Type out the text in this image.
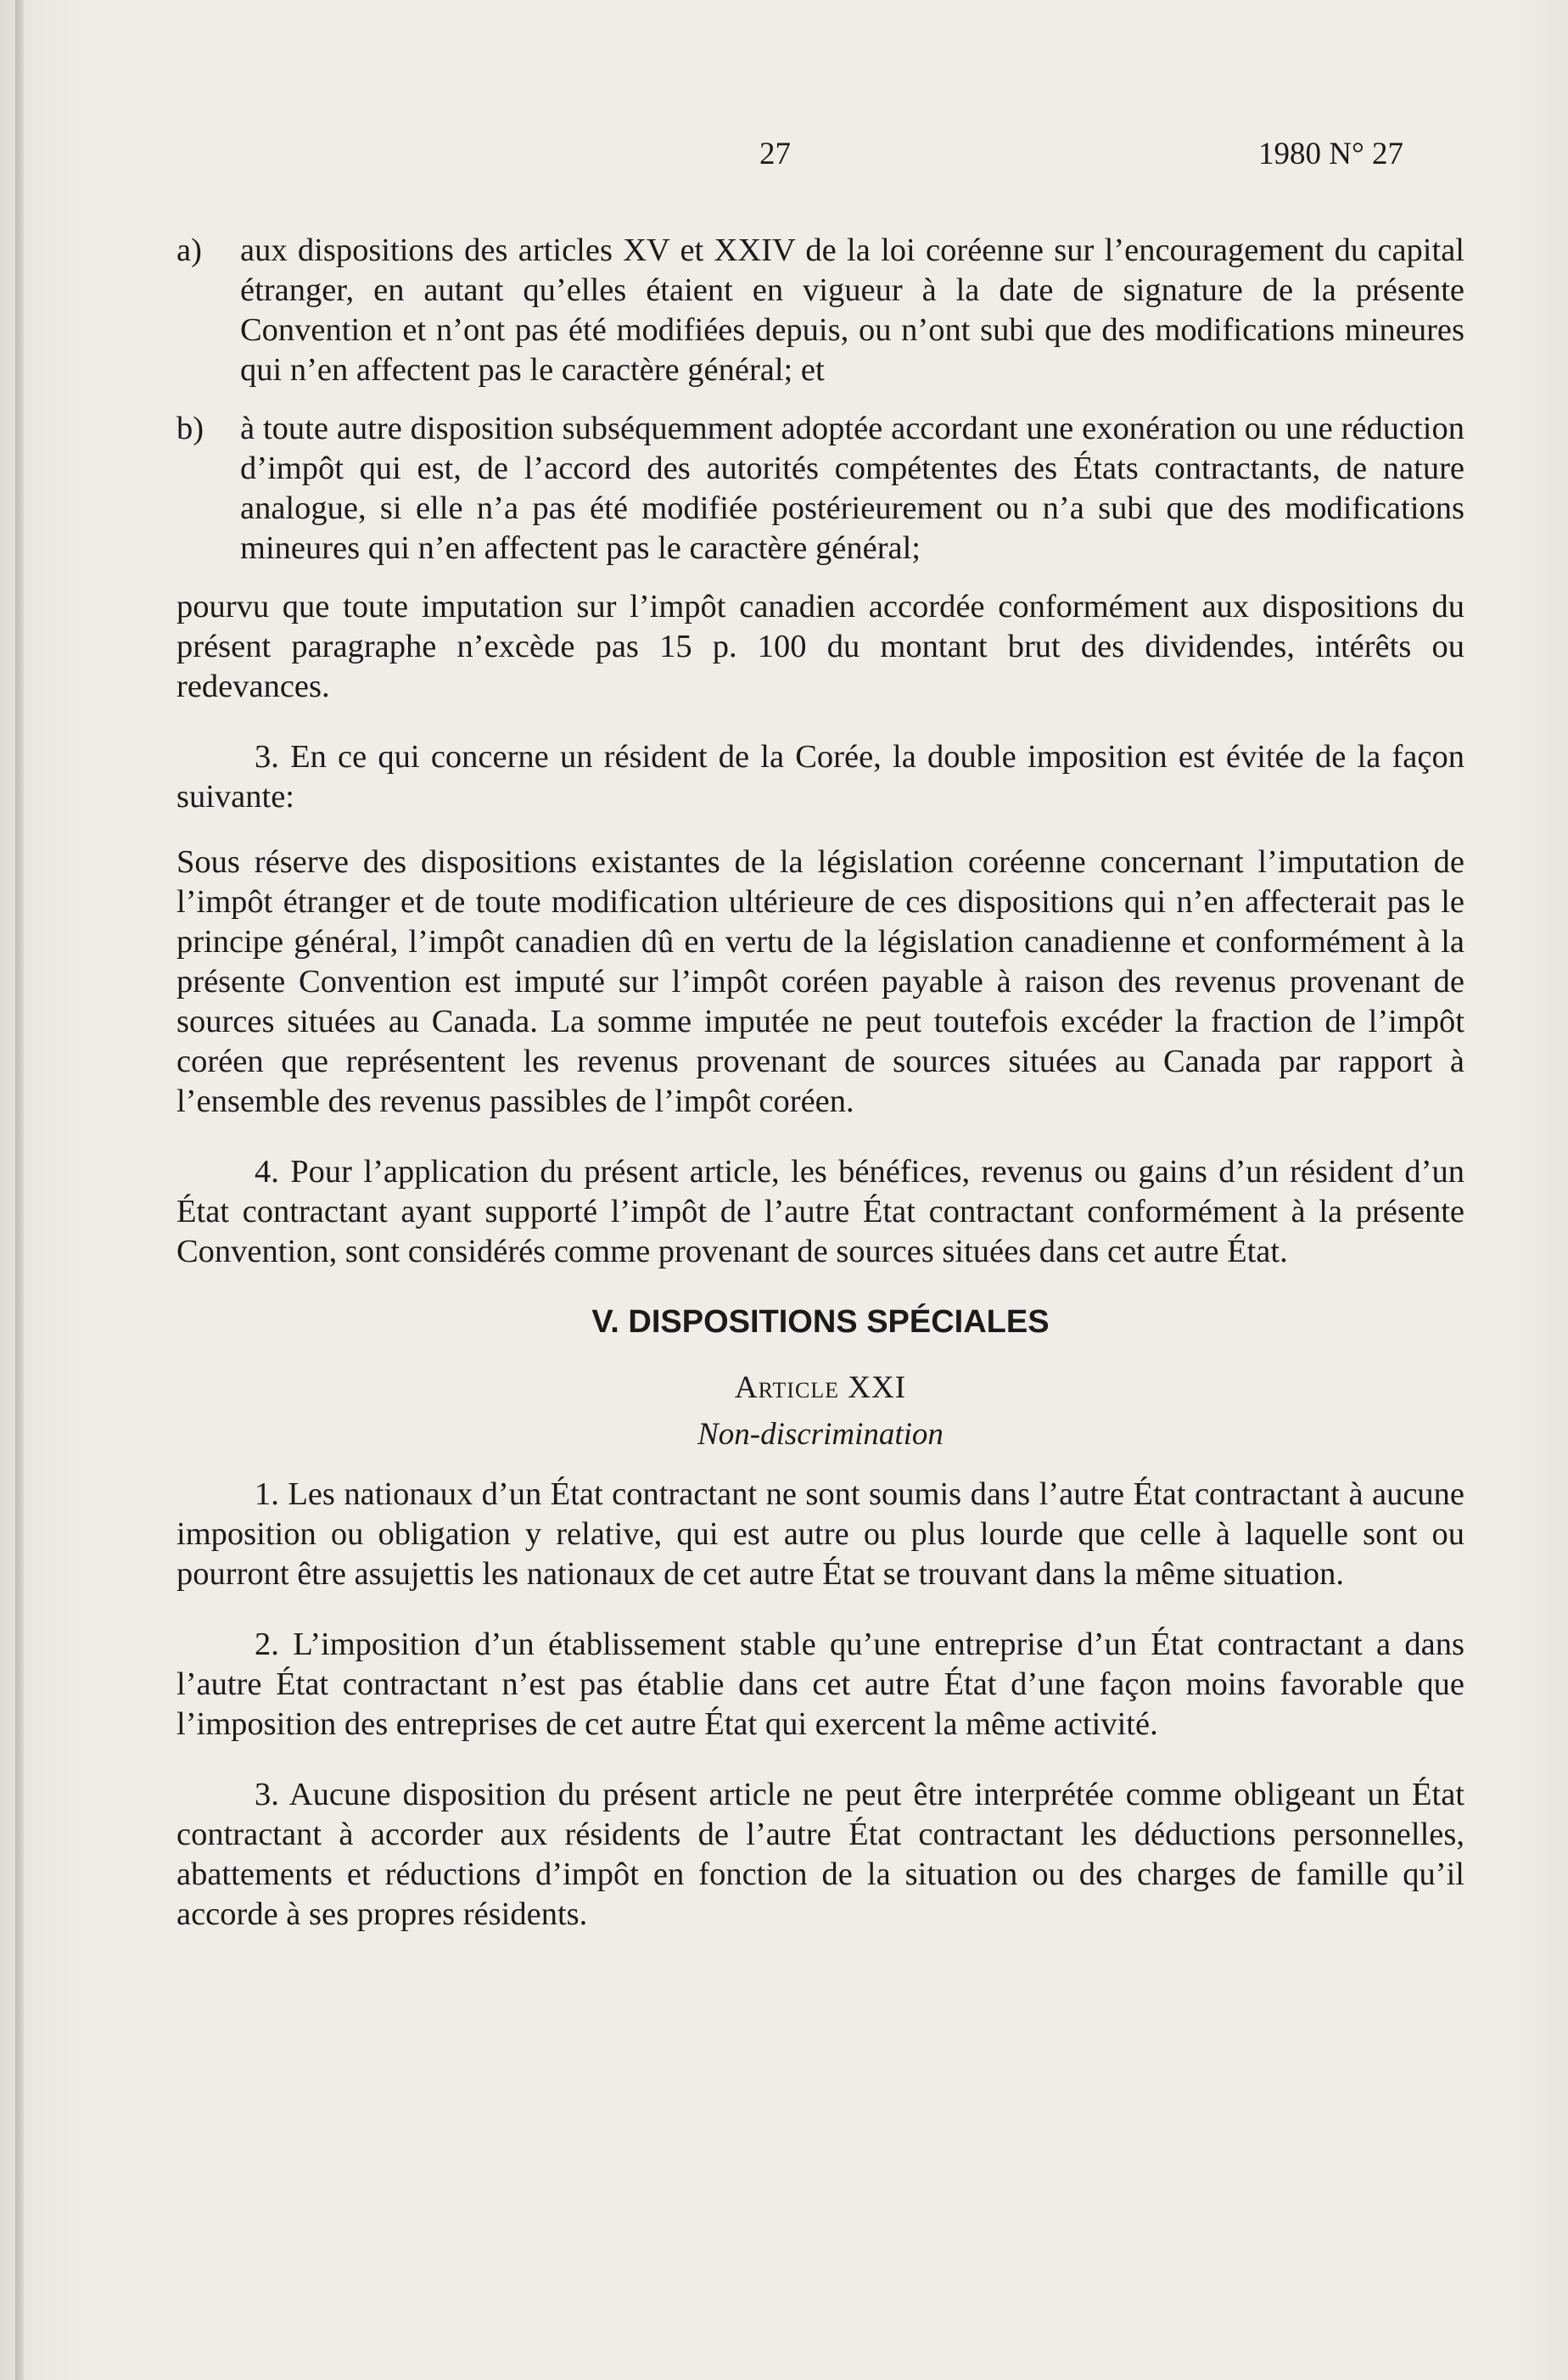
27	1980 N° 27
a) aux dispositions des articles XV et XXIV de la loi coréenne sur l’encouragement du capital étranger, en autant qu’elles étaient en vigueur à la date de signature de la présente Convention et n’ont pas été modifiées depuis, ou n’ont subi que des modifications mineures qui n’en affectent pas le caractère général; et
b) à toute autre disposition subséquemment adoptée accordant une exonération ou une réduction d’impôt qui est, de l’accord des autorités compétentes des États contractants, de nature analogue, si elle n’a pas été modifiée postérieurement ou n’a subi que des modifications mineures qui n’en affectent pas le caractère général;

pourvu que toute imputation sur l’impôt canadien accordée conformément aux dispositions du présent paragraphe n’excède pas 15 p. 100 du montant brut des dividendes, intérêts ou redevances.

3. En ce qui concerne un résident de la Corée, la double imposition est évitée de la façon suivante:

Sous réserve des dispositions existantes de la législation coréenne concernant l’imputation de l’impôt étranger et de toute modification ultérieure de ces dispositions qui n’en affecterait pas le principe général, l’impôt canadien dû en vertu de la législation canadienne et conformément à la présente Convention est imputé sur l’impôt coréen payable à raison des revenus provenant de sources situées au Canada. La somme imputée ne peut toutefois excéder la fraction de l’impôt coréen que représentent les revenus provenant de sources situées au Canada par rapport à l’ensemble des revenus passibles de l’impôt coréen.

4. Pour l’application du présent article, les bénéfices, revenus ou gains d’un résident d’un État contractant ayant supporté l’impôt de l’autre État contractant conformément à la présente Convention, sont considérés comme provenant de sources situées dans cet autre État.

V. DISPOSITIONS SPÉCIALES
Article XXI
Non-discrimination

1. Les nationaux d’un État contractant ne sont soumis dans l’autre État contractant à aucune imposition ou obligation y relative, qui est autre ou plus lourde que celle à laquelle sont ou pourront être assujettis les nationaux de cet autre État se trouvant dans la même situation.

2. L’imposition d’un établissement stable qu’une entreprise d’un État contractant a dans l’autre État contractant n’est pas établie dans cet autre État d’une façon moins favorable que l’imposition des entreprises de cet autre État qui exercent la même activité.

3. Aucune disposition du présent article ne peut être interprétée comme obligeant un État contractant à accorder aux résidents de l’autre État contractant les déductions personnelles, abattements et réductions d’impôt en fonction de la situation ou des charges de famille qu’il accorde à ses propres résidents.
